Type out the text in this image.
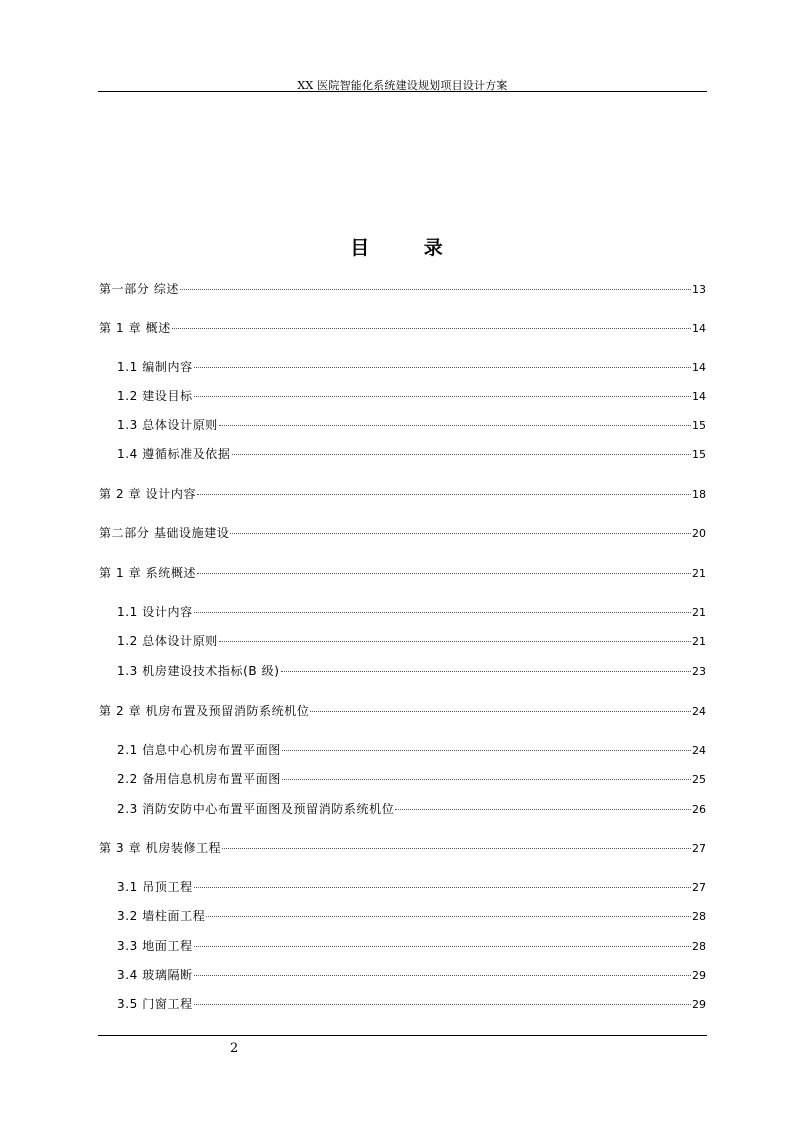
XX 医院智能化系统建设规划项目设计方案
目 录
第一部分 综述	13
第 1 章 概述	14
1.1 编制内容	14
1.2 建设目标	14
1.3 总体设计原则	15
1.4 遵循标准及依据	15
第 2 章 设计内容	18
第二部分 基础设施建设	20
第 1 章 系统概述	21
1.1 设计内容	21
1.2 总体设计原则	21
1.3 机房建设技术指标(B 级)	23
第 2 章 机房布置及预留消防系统机位	24
2.1 信息中心机房布置平面图	24
2.2 备用信息机房布置平面图	25
2.3 消防安防中心布置平面图及预留消防系统机位	26
第 3 章 机房装修工程	27
3.1 吊顶工程	27
3.2 墙柱面工程	28
3.3 地面工程	28
3.4 玻璃隔断	29
3.5 门窗工程	29
2
